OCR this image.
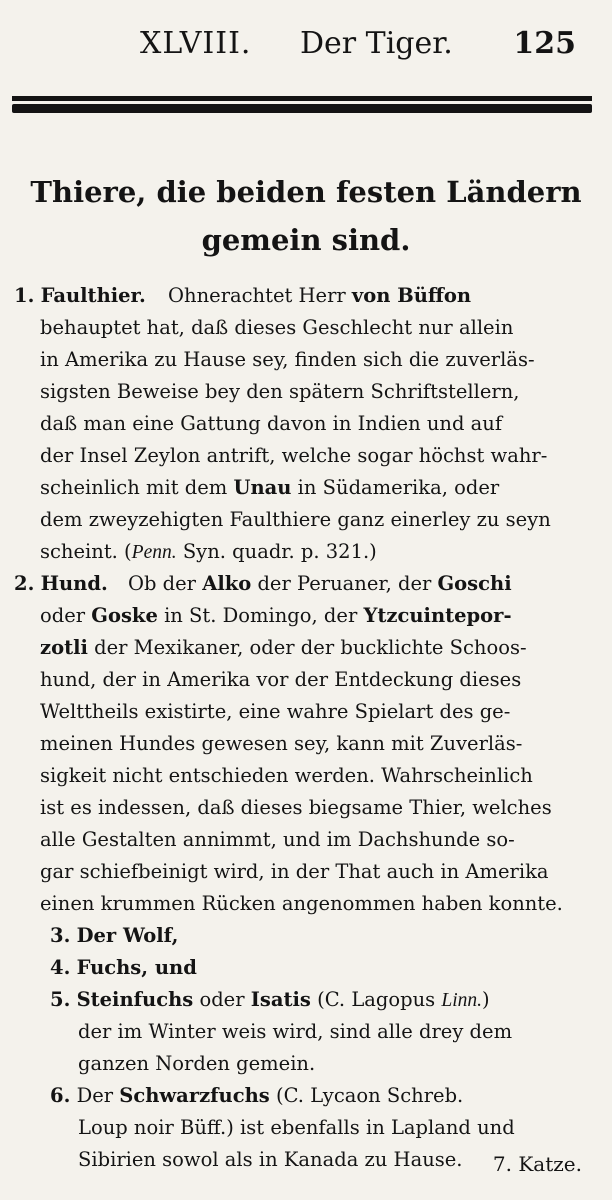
XLVIII. Der Tiger. 125
Thiere, die beiden festen Ländern
gemein sind.
1. Faulthier. Ohnerachtet Herr von Büffon
behauptet hat, daß dieses Geschlecht nur allein
in Amerika zu Hause sey, finden sich die zuverläs-
sigsten Beweise bey den spätern Schriftstellern,
daß man eine Gattung davon in Indien und auf
der Insel Zeylon antrift, welche sogar höchst wahr-
scheinlich mit dem Unau in Südamerika, oder
dem zweyzehigten Faulthiere ganz einerley zu seyn
scheint. (Penn. Syn. quadr. p. 321.)
2. Hund. Ob der Alko der Peruaner, der Goschi
oder Goske in St. Domingo, der Ytzcuintepor-
zotli der Mexikaner, oder der bucklichte Schoos-
hund, der in Amerika vor der Entdeckung dieses
Welttheils existirte, eine wahre Spielart des ge-
meinen Hundes gewesen sey, kann mit Zuverläs-
sigkeit nicht entschieden werden. Wahrscheinlich
ist es indessen, daß dieses biegsame Thier, welches
alle Gestalten annimmt, und im Dachshunde so-
gar schiefbeinigt wird, in der That auch in Amerika
einen krummen Rücken angenommen haben konnte.
3. Der Wolf,
4. Fuchs, und
5. Steinfuchs oder Isatis (C. Lagopus Linn.)
der im Winter weis wird, sind alle drey dem
ganzen Norden gemein.
6. Der Schwarzfuchs (C. Lycaon Schreb.
Loup noir Büff.) ist ebenfalls in Lapland und
Sibirien sowol als in Kanada zu Hause. 7. Katze.
